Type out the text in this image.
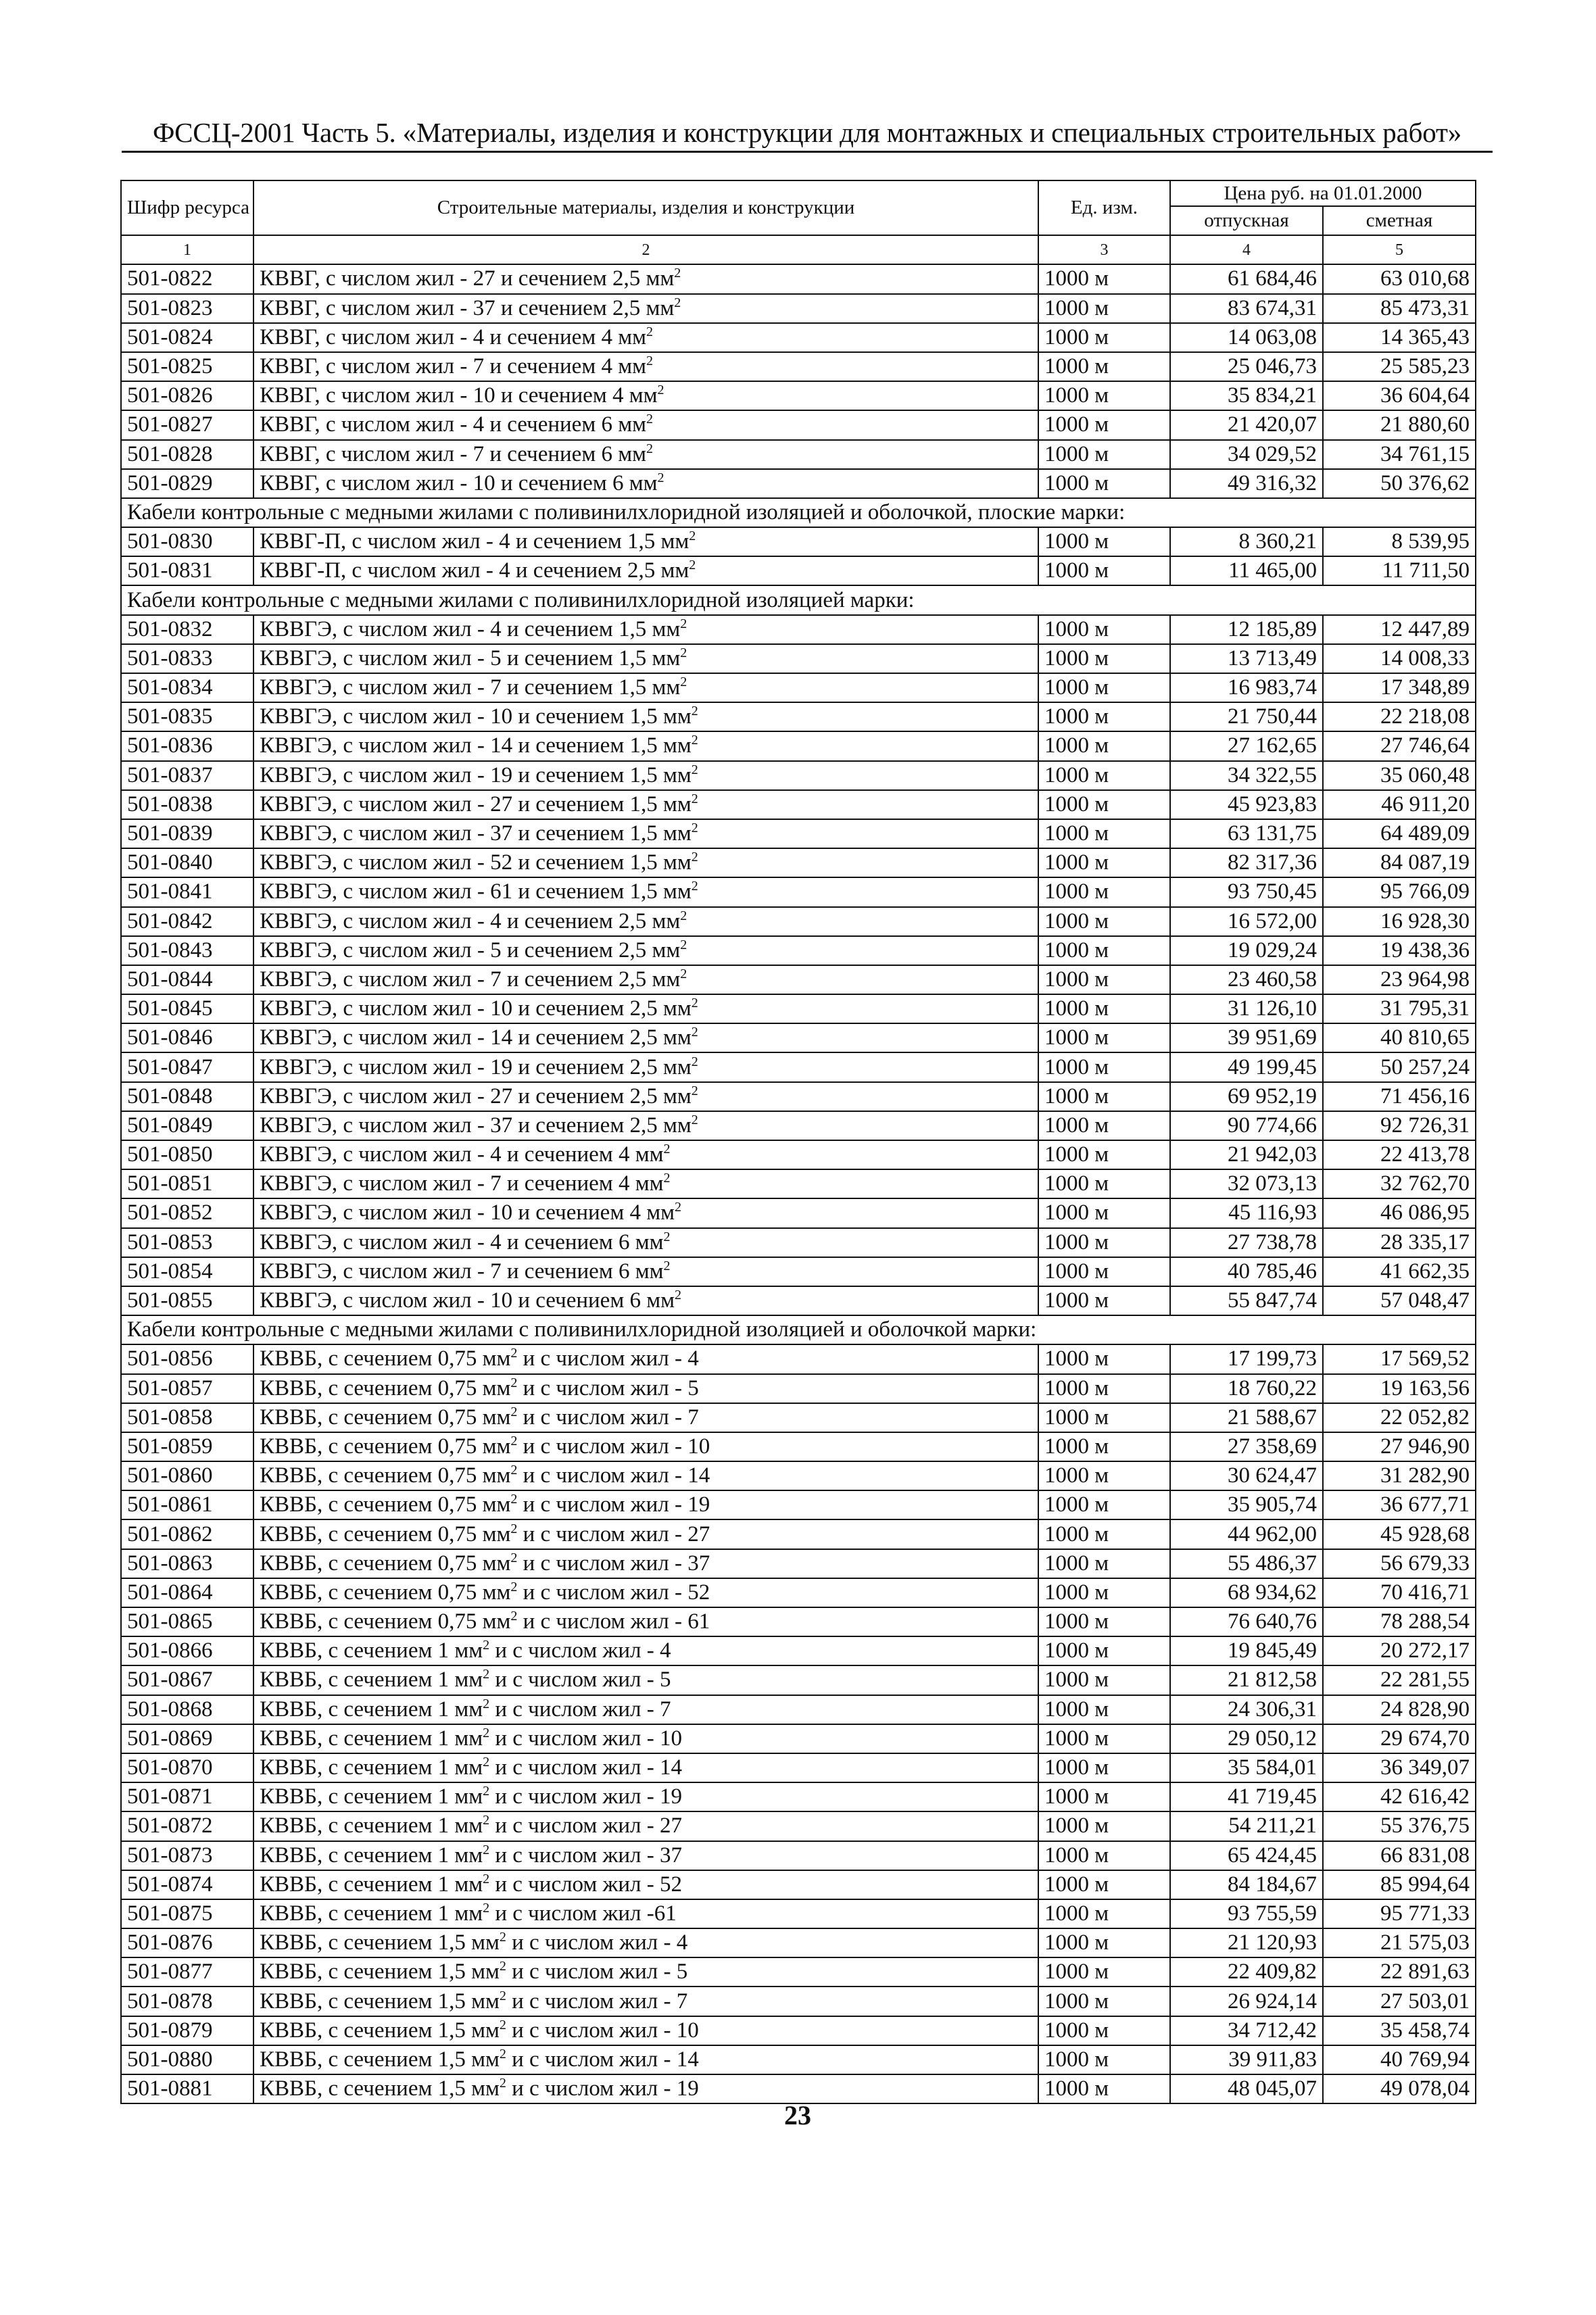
ФССЦ-2001 Часть 5. «Материалы, изделия и конструкции для монтажных и специальных строительных работ»
Шифр ресурса	Строительные материалы, изделия и конструкции	Ед. изм.	Цена руб. на 01.01.2000	
			отпускная	сметная
1	2	3	4	5
501-0822	КВВГ, с числом жил - 27 и сечением 2,5 $мм^2$	1000 м	61 684,46	63 010,68
501-0823	КВВГ, с числом жил - 37 и сечением 2,5 $мм^2$	1000 м	83 674,31	85 473,31
501-0824	КВВГ, с числом жил - 4 и сечением 4 $мм^2$	1000 м	14 063,08	14 365,43
501-0825	КВВГ, с числом жил - 7 и сечением 4 $мм^2$	1000 м	25 046,73	25 585,23
501-0826	КВВГ, с числом жил - 10 и сечением 4 $мм^2$	1000 м	35 834,21	36 604,64
501-0827	КВВГ, с числом жил - 4 и сечением 6 $мм^2$	1000 м	21 420,07	21 880,60
501-0828	КВВГ, с числом жил - 7 и сечением 6 $мм^2$	1000 м	34 029,52	34 761,15
501-0829	КВВГ, с числом жил - 10 и сечением 6 $мм^2$	1000 м	49 316,32	50 376,62
Кабели контрольные с медными жилами с поливинилхлоридной изоляцией и оболочкой, плоские марки:				
501-0830	КВВГ-П, с числом жил - 4 и сечением 1,5 $мм^2$	1000 м	8 360,21	8 539,95
501-0831	КВВГ-П, с числом жил - 4 и сечением 2,5 $мм^2$	1000 м	11 465,00	11 711,50
Кабели контрольные с медными жилами с поливинилхлоридной изоляцией марки:				
501-0832	КВВГЭ, с числом жил - 4 и сечением 1,5 $мм^2$	1000 м	12 185,89	12 447,89
501-0833	КВВГЭ, с числом жил - 5 и сечением 1,5 $мм^2$	1000 м	13 713,49	14 008,33
501-0834	КВВГЭ, с числом жил - 7 и сечением 1,5 $мм^2$	1000 м	16 983,74	17 348,89
501-0835	КВВГЭ, с числом жил - 10 и сечением 1,5 $мм^2$	1000 м	21 750,44	22 218,08
501-0836	КВВГЭ, с числом жил - 14 и сечением 1,5 $мм^2$	1000 м	27 162,65	27 746,64
501-0837	КВВГЭ, с числом жил - 19 и сечением 1,5 $мм^2$	1000 м	34 322,55	35 060,48
501-0838	КВВГЭ, с числом жил - 27 и сечением 1,5 $мм^2$	1000 м	45 923,83	46 911,20
501-0839	КВВГЭ, с числом жил - 37 и сечением 1,5 $мм^2$	1000 м	63 131,75	64 489,09
501-0840	КВВГЭ, с числом жил - 52 и сечением 1,5 $мм^2$	1000 м	82 317,36	84 087,19
501-0841	КВВГЭ, с числом жил - 61 и сечением 1,5 $мм^2$	1000 м	93 750,45	95 766,09
501-0842	КВВГЭ, с числом жил - 4 и сечением 2,5 $мм^2$	1000 м	16 572,00	16 928,30
501-0843	КВВГЭ, с числом жил - 5 и сечением 2,5 $мм^2$	1000 м	19 029,24	19 438,36
501-0844	КВВГЭ, с числом жил - 7 и сечением 2,5 $мм^2$	1000 м	23 460,58	23 964,98
501-0845	КВВГЭ, с числом жил - 10 и сечением 2,5 $мм^2$	1000 м	31 126,10	31 795,31
501-0846	КВВГЭ, с числом жил - 14 и сечением 2,5 $мм^2$	1000 м	39 951,69	40 810,65
501-0847	КВВГЭ, с числом жил - 19 и сечением 2,5 $мм^2$	1000 м	49 199,45	50 257,24
501-0848	КВВГЭ, с числом жил - 27 и сечением 2,5 $мм^2$	1000 м	69 952,19	71 456,16
501-0849	КВВГЭ, с числом жил - 37 и сечением 2,5 $мм^2$	1000 м	90 774,66	92 726,31
501-0850	КВВГЭ, с числом жил - 4 и сечением 4 $мм^2$	1000 м	21 942,03	22 413,78
501-0851	КВВГЭ, с числом жил - 7 и сечением 4 $мм^2$	1000 м	32 073,13	32 762,70
501-0852	КВВГЭ, с числом жил - 10 и сечением 4 $мм^2$	1000 м	45 116,93	46 086,95
501-0853	КВВГЭ, с числом жил - 4 и сечением 6 $мм^2$	1000 м	27 738,78	28 335,17
501-0854	КВВГЭ, с числом жил - 7 и сечением 6 $мм^2$	1000 м	40 785,46	41 662,35
501-0855	КВВГЭ, с числом жил - 10 и сечением 6 $мм^2$	1000 м	55 847,74	57 048,47
Кабели контрольные с медными жилами с поливинилхлоридной изоляцией и оболочкой марки:				
501-0856	КВВБ, с сечением 0,75 $мм^2$ и с числом жил - 4	1000 м	17 199,73	17 569,52
501-0857	КВВБ, с сечением 0,75 $мм^2$ и с числом жил - 5	1000 м	18 760,22	19 163,56
501-0858	КВВБ, с сечением 0,75 $мм^2$ и с числом жил - 7	1000 м	21 588,67	22 052,82
501-0859	КВВБ, с сечением 0,75 $мм^2$ и с числом жил - 10	1000 м	27 358,69	27 946,90
501-0860	КВВБ, с сечением 0,75 $мм^2$ и с числом жил - 14	1000 м	30 624,47	31 282,90
501-0861	КВВБ, с сечением 0,75 $мм^2$ и с числом жил - 19	1000 м	35 905,74	36 677,71
501-0862	КВВБ, с сечением 0,75 $мм^2$ и с числом жил - 27	1000 м	44 962,00	45 928,68
501-0863	КВВБ, с сечением 0,75 $мм^2$ и с числом жил - 37	1000 м	55 486,37	56 679,33
501-0864	КВВБ, с сечением 0,75 $мм^2$ и с числом жил - 52	1000 м	68 934,62	70 416,71
501-0865	КВВБ, с сечением 0,75 $мм^2$ и с числом жил - 61	1000 м	76 640,76	78 288,54
501-0866	КВВБ, с сечением 1 $мм^2$ и с числом жил - 4	1000 м	19 845,49	20 272,17
501-0867	КВВБ, с сечением 1 $мм^2$ и с числом жил - 5	1000 м	21 812,58	22 281,55
501-0868	КВВБ, с сечением 1 $мм^2$ и с числом жил - 7	1000 м	24 306,31	24 828,90
501-0869	КВВБ, с сечением 1 $мм^2$ и с числом жил - 10	1000 м	29 050,12	29 674,70
501-0870	КВВБ, с сечением 1 $мм^2$ и с числом жил - 14	1000 м	35 584,01	36 349,07
501-0871	КВВБ, с сечением 1 $мм^2$ и с числом жил - 19	1000 м	41 719,45	42 616,42
501-0872	КВВБ, с сечением 1 $мм^2$ и с числом жил - 27	1000 м	54 211,21	55 376,75
501-0873	КВВБ, с сечением 1 $мм^2$ и с числом жил - 37	1000 м	65 424,45	66 831,08
501-0874	КВВБ, с сечением 1 $мм^2$ и с числом жил - 52	1000 м	84 184,67	85 994,64
501-0875	КВВБ, с сечением 1 $мм^2$ и с числом жил -61	1000 м	93 755,59	95 771,33
501-0876	КВВБ, с сечением 1,5 $мм^2$ и с числом жил - 4	1000 м	21 120,93	21 575,03
501-0877	КВВБ, с сечением 1,5 $мм^2$ и с числом жил - 5	1000 м	22 409,82	22 891,63
501-0878	КВВБ, с сечением 1,5 $мм^2$ и с числом жил - 7	1000 м	26 924,14	27 503,01
501-0879	КВВБ, с сечением 1,5 $мм^2$ и с числом жил - 10	1000 м	34 712,42	35 458,74
501-0880	КВВБ, с сечением 1,5 $мм^2$ и с числом жил - 14	1000 м	39 911,83	40 769,94
501-0881	КВВБ, с сечением 1,5 $мм^2$ и с числом жил - 19	1000 м	48 045,07	49 078,04
23
